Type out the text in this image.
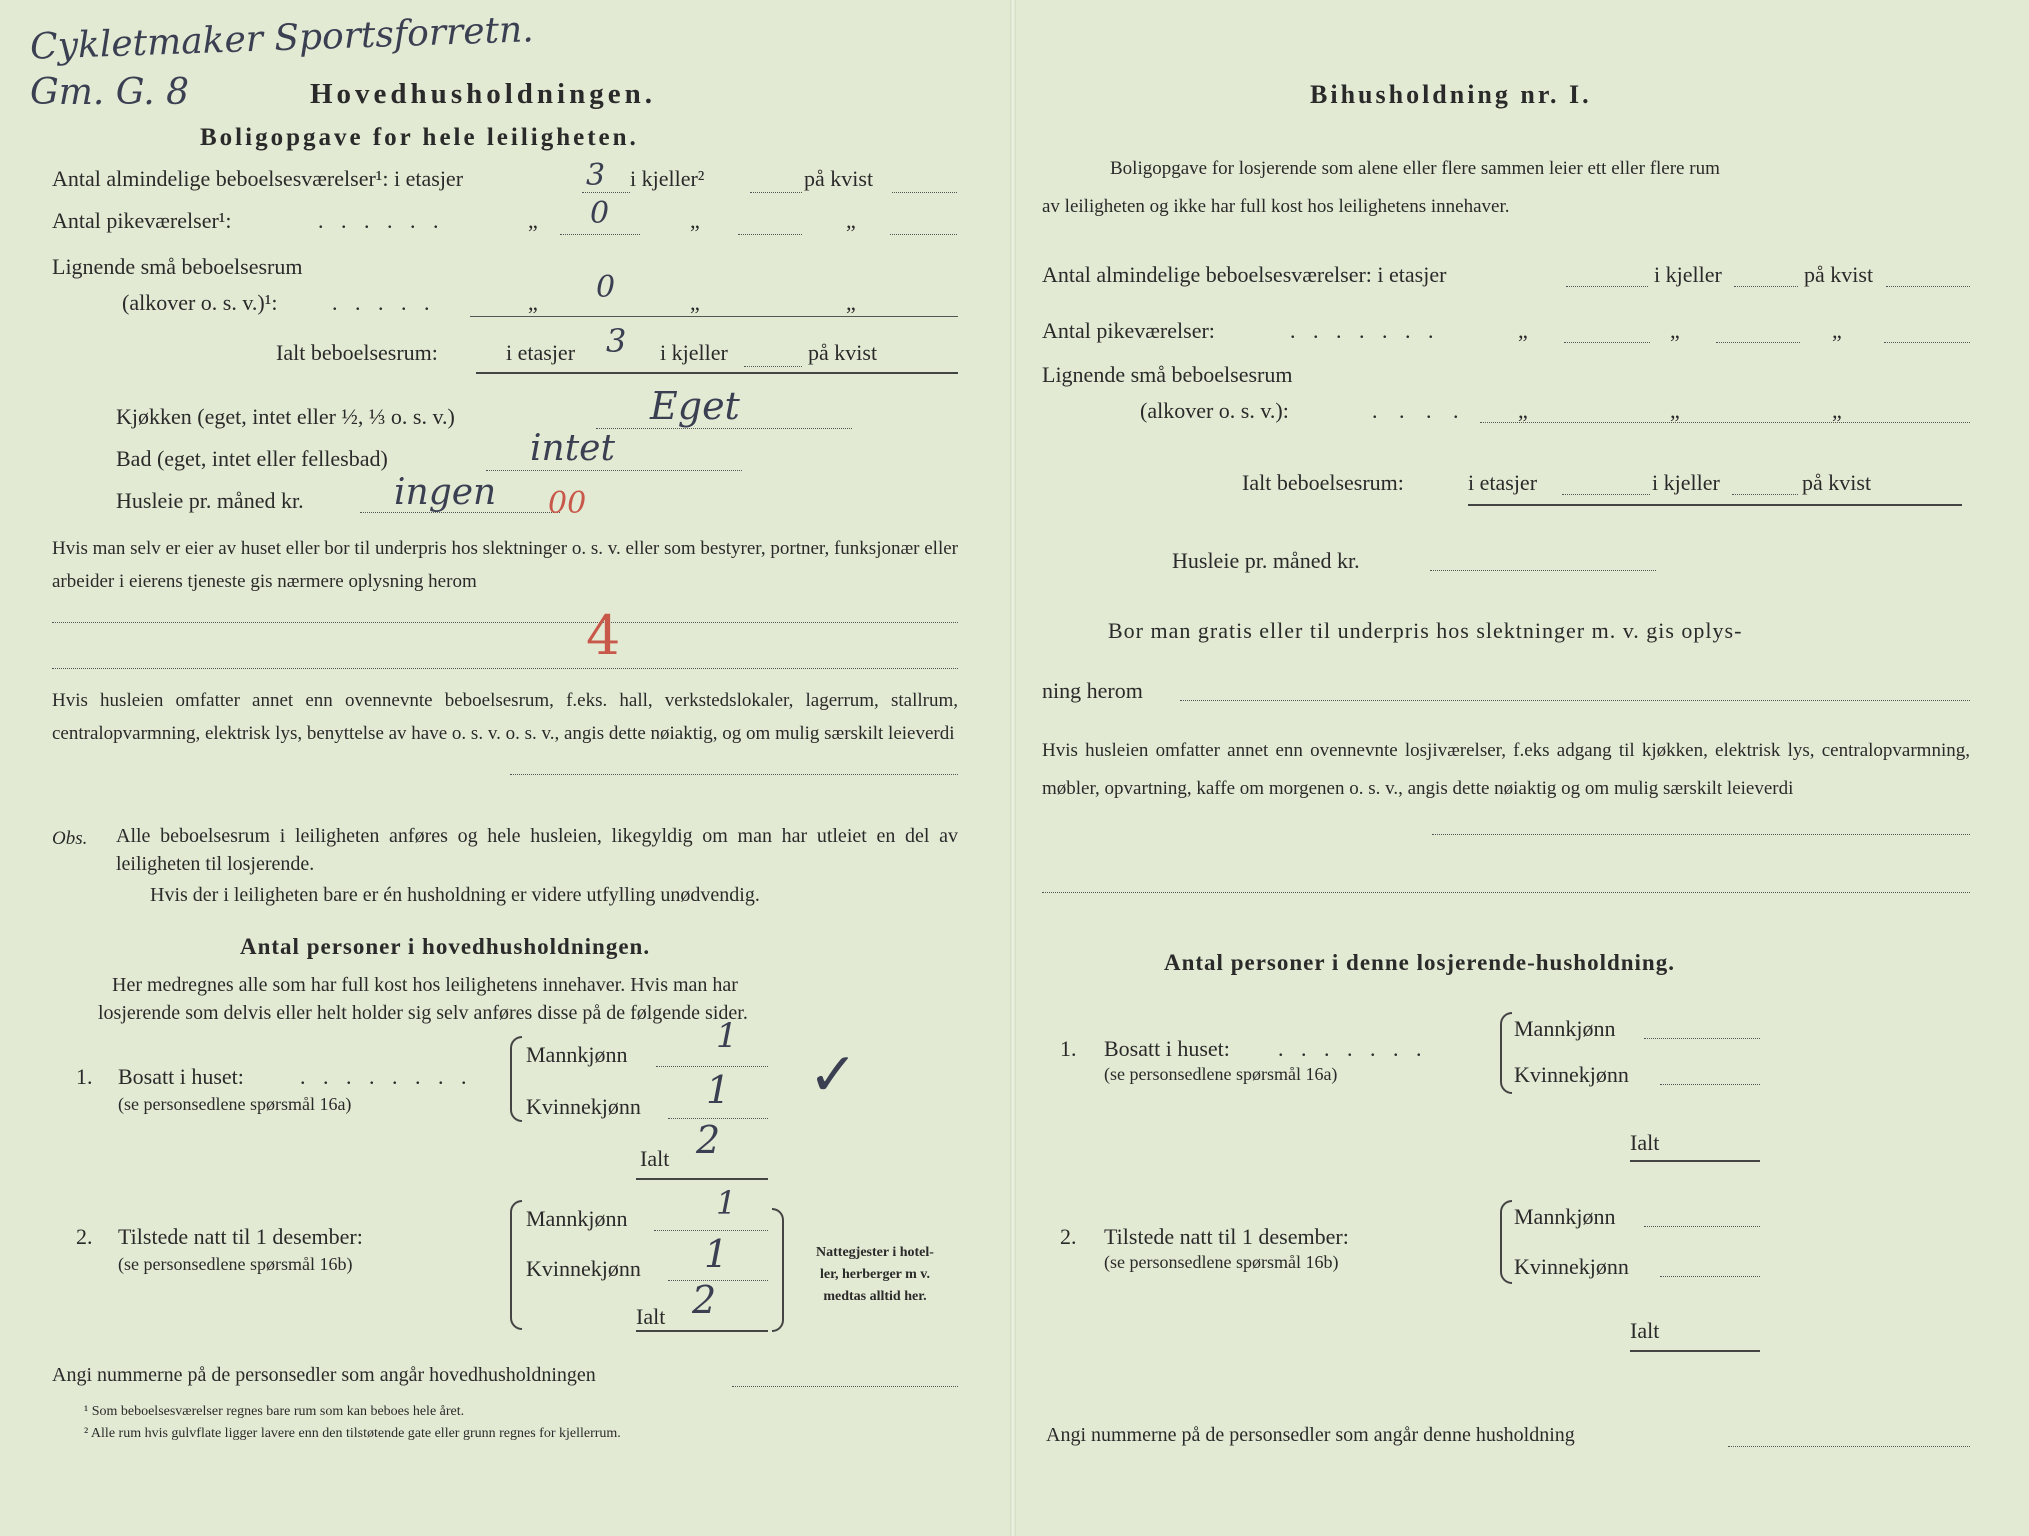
Cykletmaker Sportsforretn.
Gm. G. 8	Hovedhusholdningen.
Boligopgave for hele leiligheten.
Antal almindelige beboelsesværelser¹: i etasjer	3 i kjeller²	på kvist
Antal pikeværelser¹:	. . . . . .	„ 0	„	„
Lignende små beboelsesrum
(alkover o. s. v.)¹: . . . . .	„ 0	„	„
Ialt beboelsesrum:	i etasjer 3 i kjeller	på kvist
Kjøkken (eget, intet eller ½, ⅓ o. s. v.)	Eget
Bad (eget, intet eller fellesbad)	intet
Husleie pr. måned kr.	ingen 00
Hvis man selv er eier av huset eller bor til underpris hos slektninger o. s. v. eller som bestyrer, portner, funksjonær eller arbeider i eierens tjeneste gis nærmere oplysning herom
4
Hvis husleien omfatter annet enn ovennevnte beboelsesrum, f.eks. hall, verkstedslokaler, lagerrum, stallrum, centralopvarmning, elektrisk lys, benyttelse av have o. s. v. o. s. v., angis dette nøiaktig, og om mulig særskilt leieverdi
Obs. Alle beboelsesrum i leiligheten anføres og hele husleien, likegyldig om man har utleiet en del av leiligheten til losjerende.
Hvis der i leiligheten bare er én husholdning er videre utfylling unødvendig.
Antal personer i hovedhusholdningen.
Her medregnes alle som har full kost hos leilighetens innehaver. Hvis man har
losjerende som delvis eller helt holder sig selv anføres disse på de følgende sider.
1. Bosatt i huset:	. . . . . . . .
(se personsedlene spørsmål 16a)
Mannkjønn	1
Kvinnekjønn 1 ✓
Ialt 2
2. Tilstede natt til 1 desember:
(se personsedlene spørsmål 16b)
Mannkjønn	1
Kvinnekjønn 1
Ialt 2
Nattegjester i hotel-
ler, herberger m v.
medtas alltid her.
Angi nummerne på de personsedler som angår hovedhusholdningen
¹ Som beboelsesværelser regnes bare rum som kan beboes hele året.
² Alle rum hvis gulvflate ligger lavere enn den tilstøtende gate eller grunn regnes for kjellerrum.
Bihusholdning nr. I.
Boligopgave for losjerende som alene eller flere sammen leier ett eller flere rum
av leiligheten og ikke har full kost hos leilighetens innehaver.
Antal almindelige beboelsesværelser: i etasjer	i kjeller	på kvist
Antal pikeværelser:	. . . . . . .	„	„	„
Lignende små beboelsesrum
(alkover o. s. v.):	. . . . „	„	„
Ialt beboelsesrum:	i etasjer	i kjeller	på kvist
Husleie pr. måned kr.
Bor man gratis eller til underpris hos slektninger m. v. gis oplys-
ning herom
Hvis husleien omfatter annet enn ovennevnte losjiværelser, f.eks adgang til kjøkken, elektrisk lys, centralopvarmning, møbler, opvartning, kaffe om morgenen o. s. v., angis dette nøiaktig og om mulig særskilt leieverdi
Antal personer i denne losjerende-husholdning.
1. Bosatt i huset: . . . . . . .
(se personsedlene spørsmål 16a)
Mannkjønn
Kvinnekjønn
Ialt
2. Tilstede natt til 1 desember:
(se personsedlene spørsmål 16b)
Mannkjønn
Kvinnekjønn
Ialt
Angi nummerne på de personsedler som angår denne husholdning
